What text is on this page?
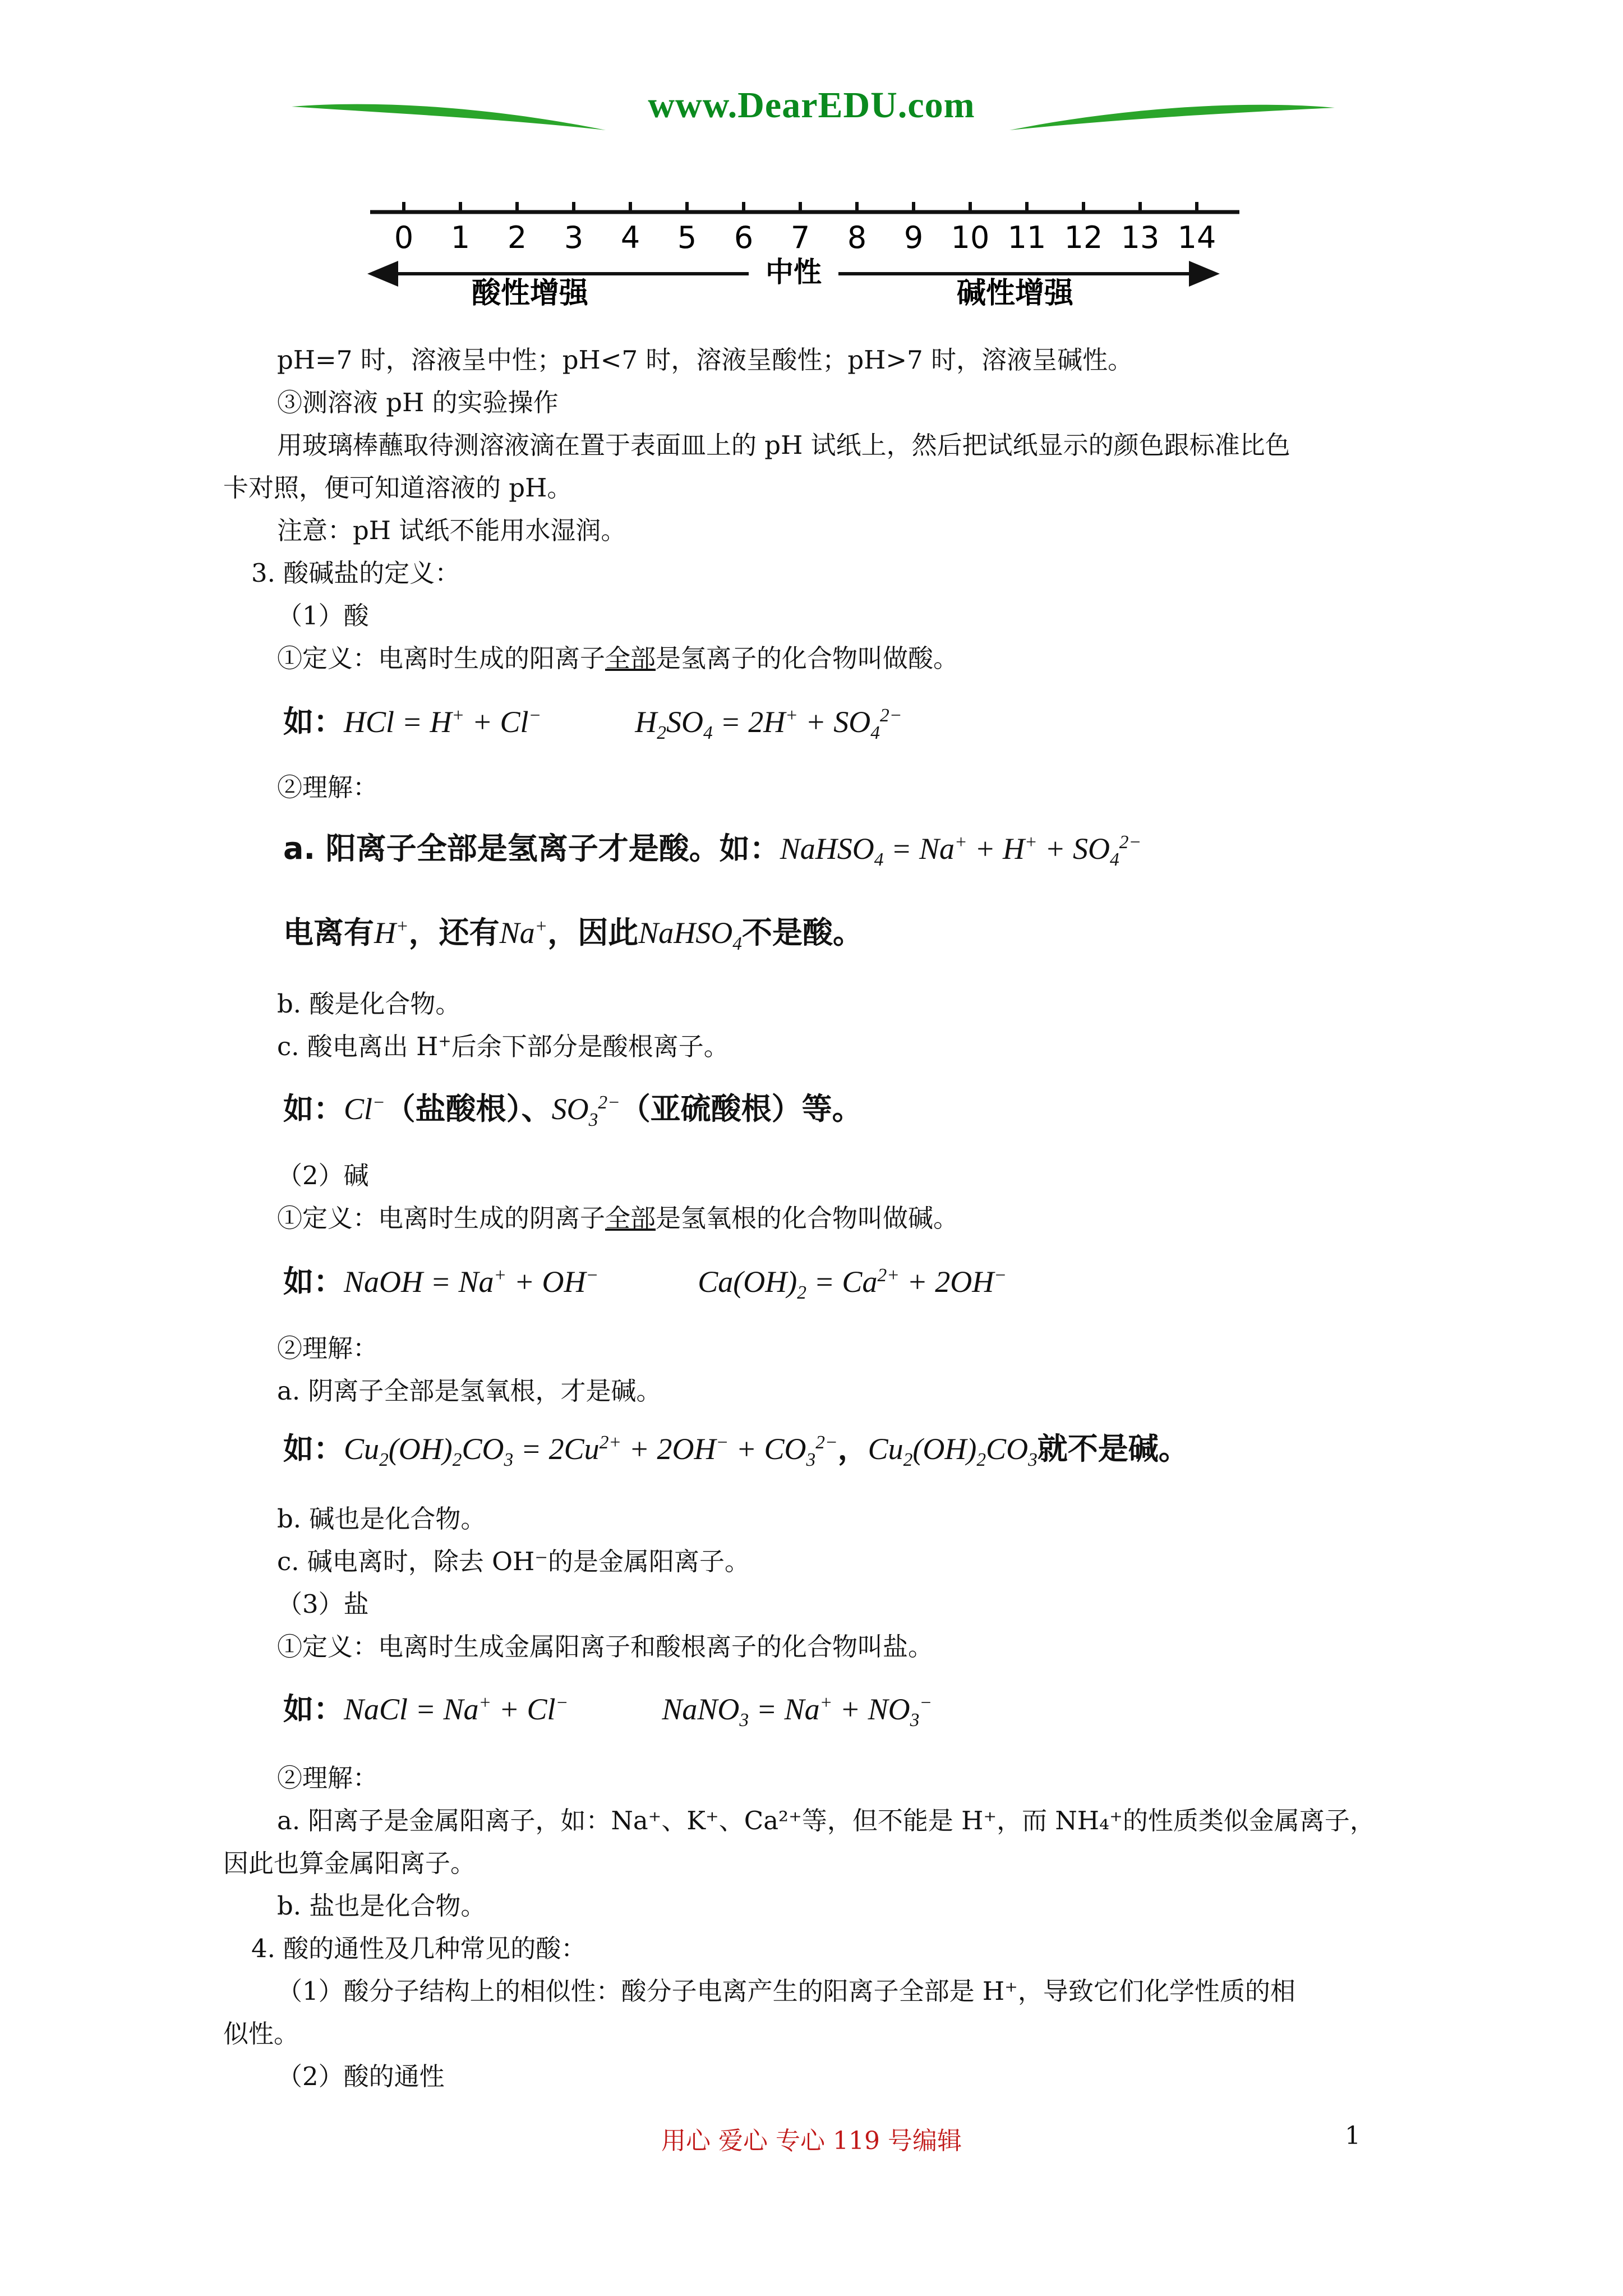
www.DearEDU.com
0 1 2 3 4 5 6 7 8 9 10 11 12 13 14
中性
酸性增强	碱性增强
pH=7 时，溶液呈中性；pH<7 时，溶液呈酸性；pH>7 时，溶液呈碱性。
③测溶液 pH 的实验操作
用玻璃棒蘸取待测溶液滴在置于表面皿上的 pH 试纸上，然后把试纸显示的颜色跟标准比色
卡对照，便可知道溶液的 pH。
注意：pH 试纸不能用水湿润。
3. 酸碱盐的定义：
（1）酸
①定义：电离时生成的阳离子全部是氢离子的化合物叫做酸。
如：HCl = H+ + Cl−	$H_2SO_4 = 2H^+ + SO_4^{2-}$
②理解：
a. 阳离子全部是氢离子才是酸。如：NaHSO$_4$ = $Na^+ + H^+ + SO_4^{2-}$
电离有H+，还有Na+，因此NaHSO$_4$不是酸。
b. 酸是化合物。
c. 酸电离出 H+后余下部分是酸根离子。
如：Cl−（盐酸根）、$SO_3^{2-}$（亚硫酸根）等。
（2）碱
①定义：电离时生成的阴离子全部是氢氧根的化合物叫做碱。
如：NaOH = Na+ + OH−	$Ca(OH)_2 = Ca^{2+} + 2OH^-$
②理解：
a. 阴离子全部是氢氧根，才是碱。
如：$Cu_2(OH)_2CO_3 = 2Cu^{2+} + 2OH^- + CO_3^{2-}$，$Cu_2(OH)_2CO_3$就不是碱。
b. 碱也是化合物。
c. 碱电离时，除去 OH⁻的是金属阳离子。
（3）盐
①定义：电离时生成金属阳离子和酸根离子的化合物叫盐。
如：NaCl = Na+ + Cl−	NaNO$_3$ = $Na^+ + NO_3^-$
②理解：
a. 阳离子是金属阳离子，如：Na⁺、K⁺、Ca²⁺等，但不能是 H⁺，而 NH₄⁺的性质类似金属离子，
因此也算金属阳离子。
b. 盐也是化合物。
4. 酸的通性及几种常见的酸：
（1）酸分子结构上的相似性：酸分子电离产生的阳离子全部是 H⁺，导致它们化学性质的相
似性。
（2）酸的通性
用心 爱心 专心 119 号编辑	1
